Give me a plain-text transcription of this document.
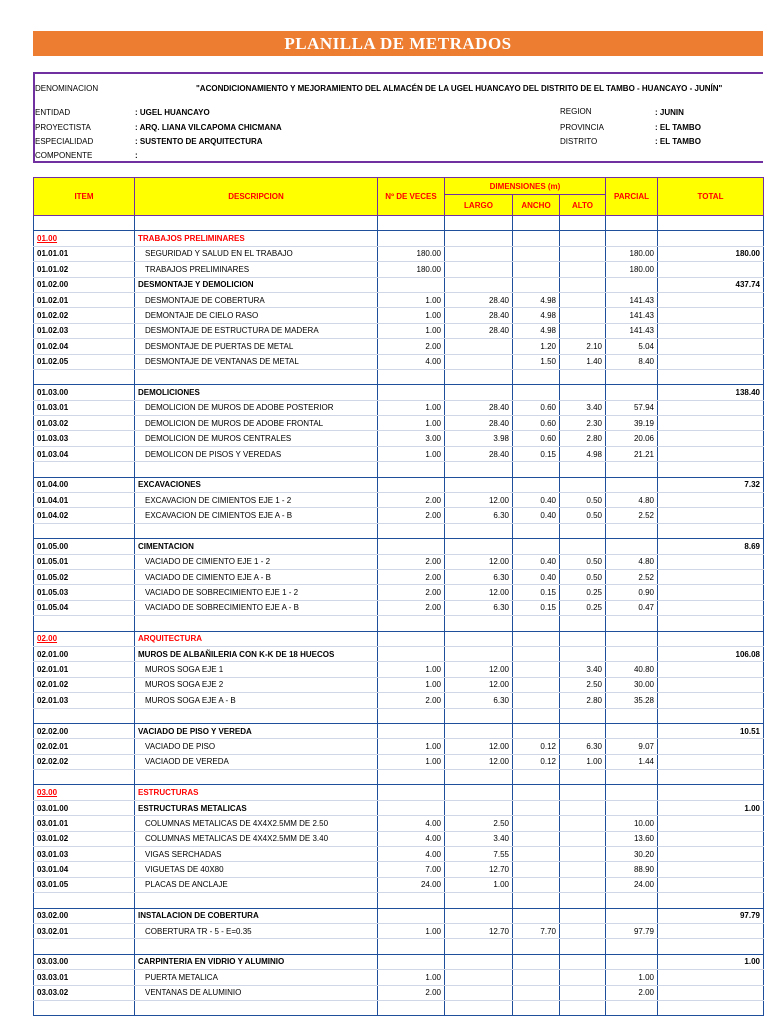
PLANILLA DE METRADOS
DENOMINACION	"ACONDICIONAMIENTO Y MEJORAMIENTO DEL ALMACÉN DE LA UGEL HUANCAYO DEL DISTRITO DE EL TAMBO - HUANCAYO - JUNÍN"
ENTIDAD	: UGEL HUANCAYO
PROYECTISTA	: ARQ. LIANA VILCAPOMA CHICMANA
ESPECIALIDAD	: SUSTENTO DE ARQUITECTURA
COMPONENTE	:
REGION	: JUNIN
PROVINCIA	: EL TAMBO
DISTRITO	: EL TAMBO
ITEM	DESCRIPCION	Nº DE VECES	DIMENSIONES (m)			PARCIAL	TOTAL
			LARGO	ANCHO	ALTO		

01.00	TRABAJOS PRELIMINARES						
01.01.01	SEGURIDAD Y SALUD EN EL TRABAJO	180.00				180.00	180.00
01.01.02	TRABAJOS PRELIMINARES	180.00				180.00	
01.02.00	DESMONTAJE Y DEMOLICION						437.74
01.02.01	DESMONTAJE DE COBERTURA	1.00	28.40	4.98		141.43	
01.02.02	DEMONTAJE DE CIELO RASO	1.00	28.40	4.98		141.43	
01.02.03	DESMONTAJE DE ESTRUCTURA DE MADERA	1.00	28.40	4.98		141.43	
01.02.04	DESMONTAJE DE PUERTAS DE METAL	2.00		1.20	2.10	5.04	
01.02.05	DESMONTAJE DE VENTANAS DE METAL	4.00		1.50	1.40	8.40	

01.03.00	DEMOLICIONES						138.40
01.03.01	DEMOLICION DE MUROS DE ADOBE POSTERIOR	1.00	28.40	0.60	3.40	57.94	
01.03.02	DEMOLICION DE MUROS DE ADOBE FRONTAL	1.00	28.40	0.60	2.30	39.19	
01.03.03	DEMOLICION DE MUROS CENTRALES	3.00	3.98	0.60	2.80	20.06	
01.03.04	DEMOLICON DE PISOS Y VEREDAS	1.00	28.40	0.15	4.98	21.21	

01.04.00	EXCAVACIONES						7.32
01.04.01	EXCAVACION DE CIMIENTOS EJE 1 - 2	2.00	12.00	0.40	0.50	4.80	
01.04.02	EXCAVACION DE CIMIENTOS EJE A - B	2.00	6.30	0.40	0.50	2.52	

01.05.00	CIMENTACION						8.69
01.05.01	VACIADO DE CIMIENTO EJE 1 - 2	2.00	12.00	0.40	0.50	4.80	
01.05.02	VACIADO DE CIMIENTO EJE A - B	2.00	6.30	0.40	0.50	2.52	
01.05.03	VACIADO DE SOBRECIMIENTO EJE 1 - 2	2.00	12.00	0.15	0.25	0.90	
01.05.04	VACIADO DE SOBRECIMIENTO EJE A - B	2.00	6.30	0.15	0.25	0.47	

02.00	ARQUITECTURA						
02.01.00	MUROS DE ALBAÑILERIA CON K-K DE 18 HUECOS						106.08
02.01.01	MUROS SOGA EJE 1	1.00	12.00		3.40	40.80	
02.01.02	MUROS SOGA EJE 2	1.00	12.00		2.50	30.00	
02.01.03	MUROS SOGA EJE A - B	2.00	6.30		2.80	35.28	

02.02.00	VACIADO DE PISO Y VEREDA						10.51
02.02.01	VACIADO DE PISO	1.00	12.00	0.12	6.30	9.07	
02.02.02	VACIAOD DE VEREDA	1.00	12.00	0.12	1.00	1.44	

03.00	ESTRUCTURAS						
03.01.00	ESTRUCTURAS METALICAS						1.00
03.01.01	COLUMNAS METALICAS DE 4X4X2.5MM DE 2.50	4.00	2.50			10.00	
03.01.02	COLUMNAS METALICAS DE 4X4X2.5MM DE 3.40	4.00	3.40			13.60	
03.01.03	VIGAS SERCHADAS	4.00	7.55			30.20	
03.01.04	VIGUETAS DE 40X80	7.00	12.70			88.90	
03.01.05	PLACAS DE ANCLAJE	24.00	1.00			24.00	

03.02.00	INSTALACION DE COBERTURA						97.79
03.02.01	COBERTURA TR - 5 - E=0.35	1.00	12.70	7.70		97.79	

03.03.00	CARPINTERIA EN VIDRIO Y ALUMINIO						1.00
03.03.01	PUERTA METALICA	1.00				1.00	
03.03.02	VENTANAS DE ALUMINIO	2.00				2.00	
